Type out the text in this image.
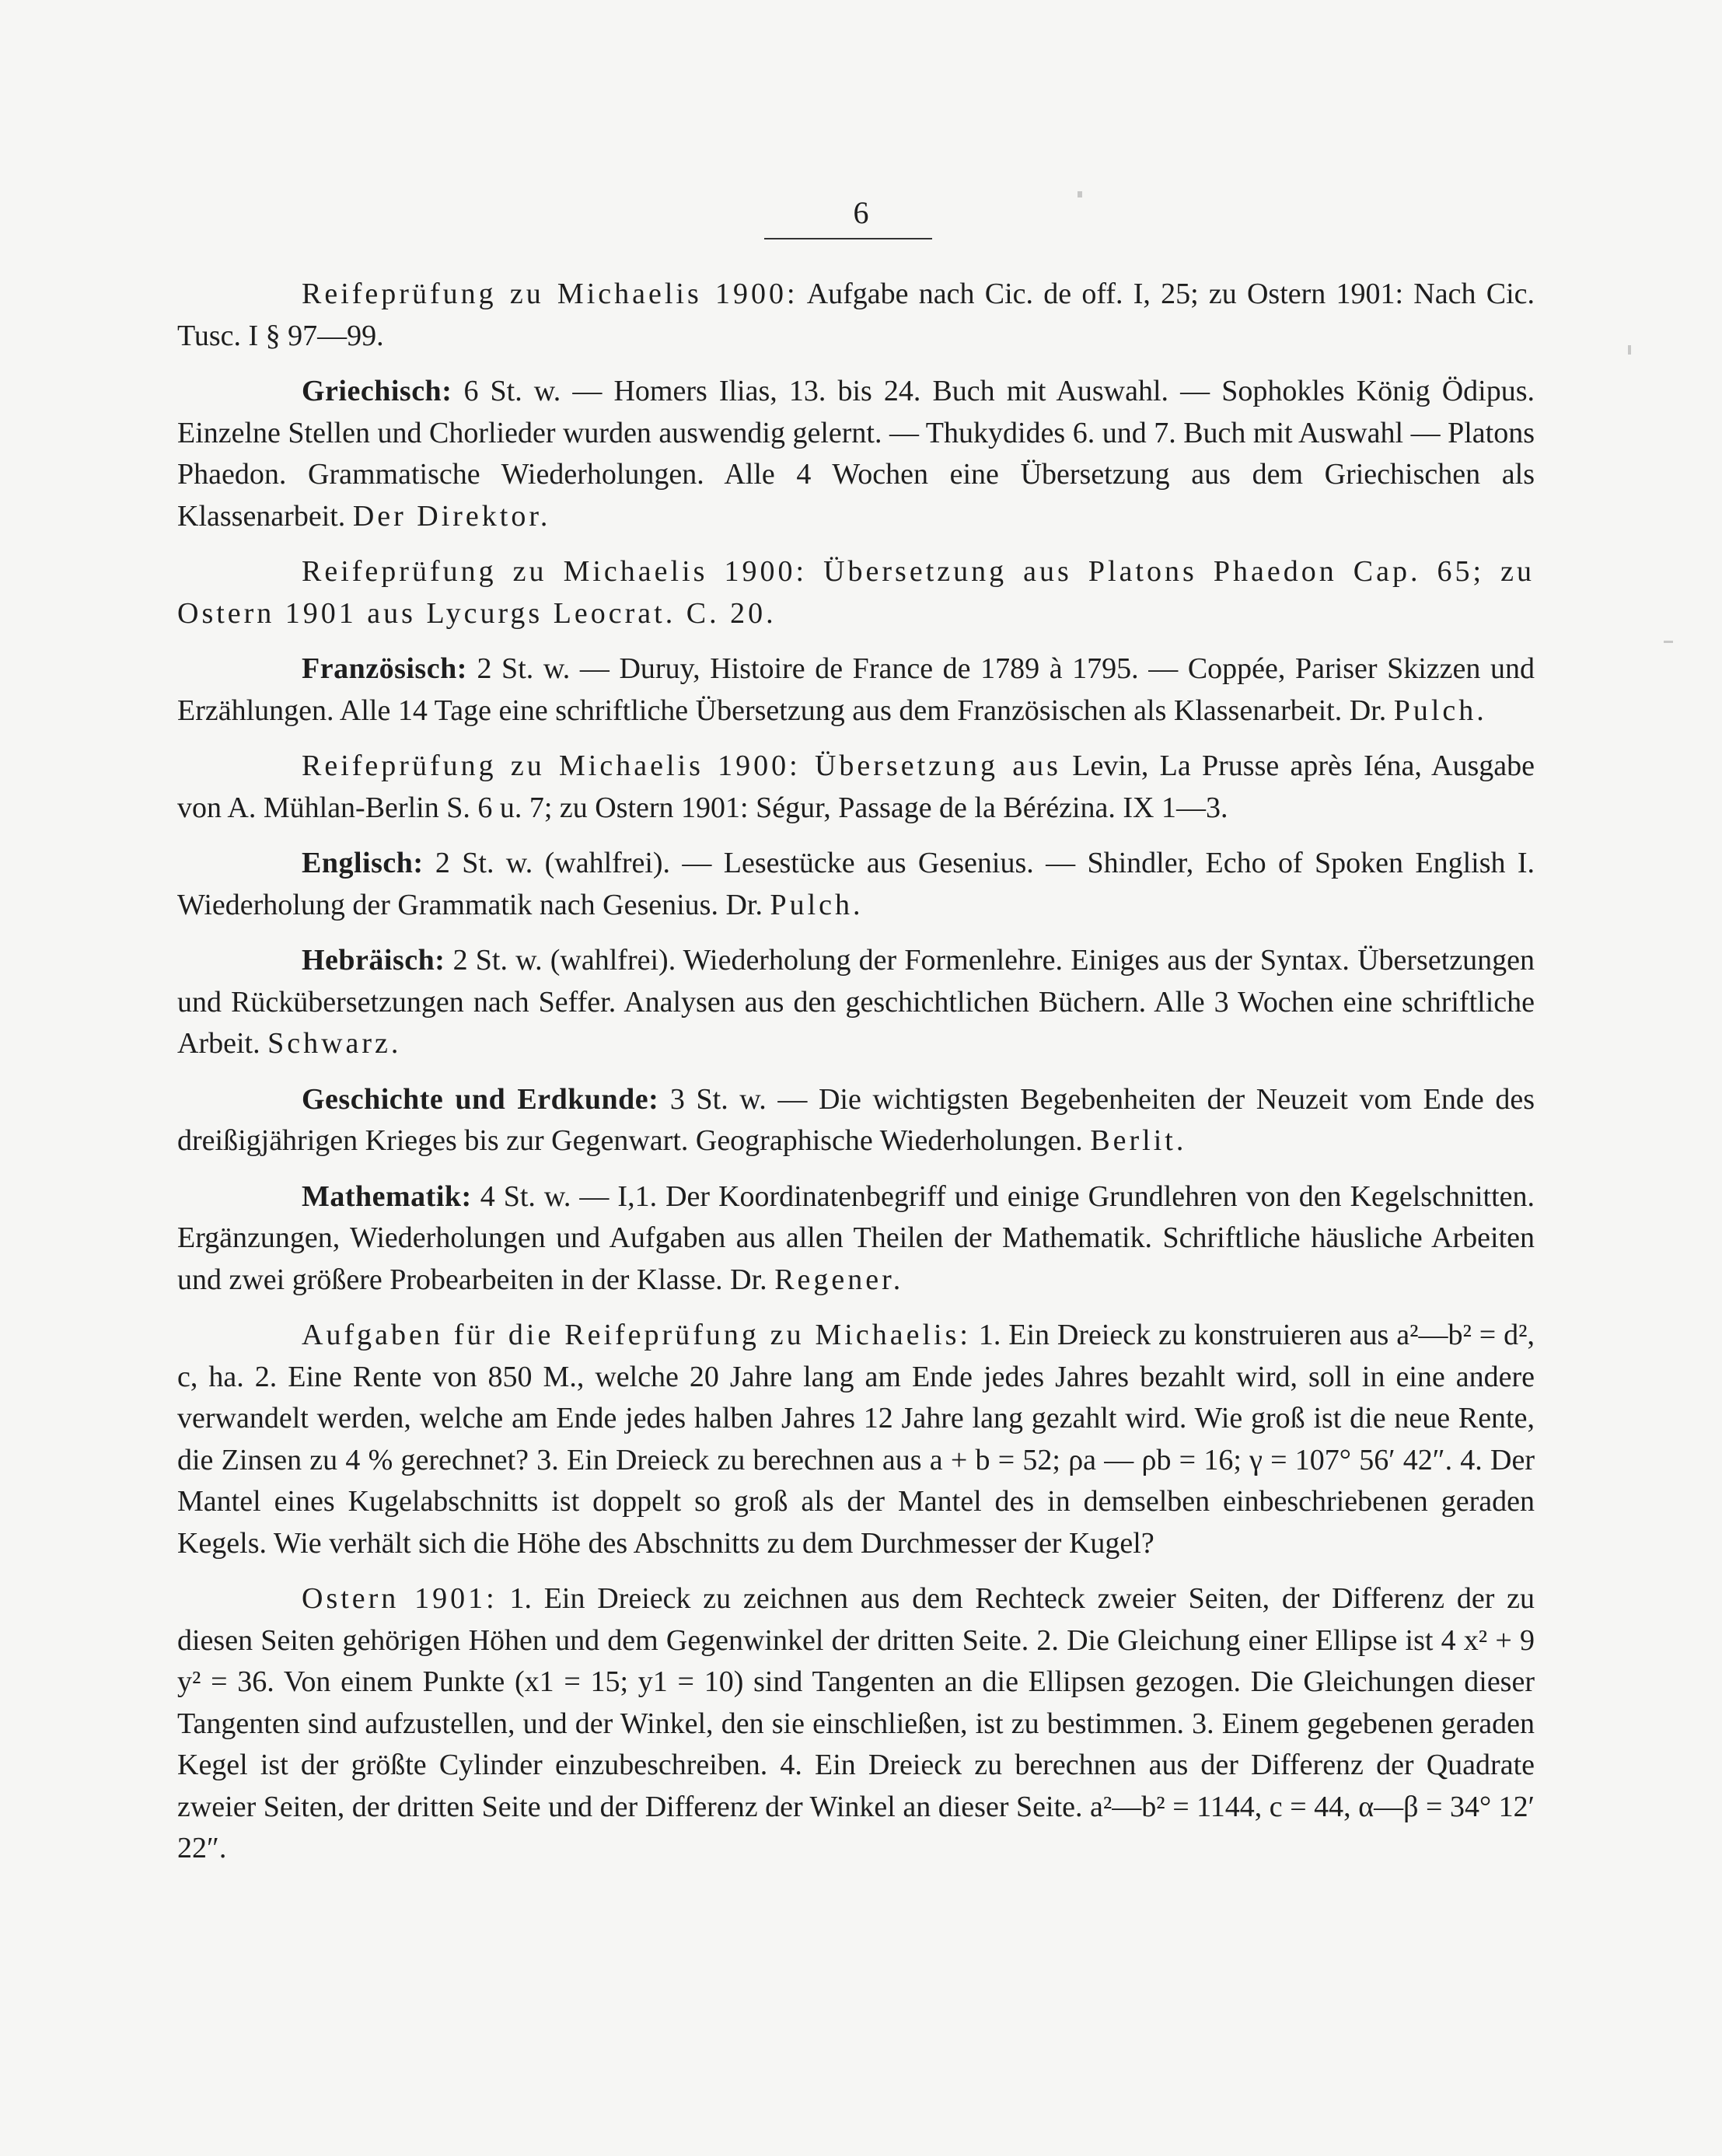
6

Reifeprüfung zu Michaelis 1900: Aufgabe nach Cic. de off. I, 25; zu Ostern 1901: Nach Cic. Tusc. I § 97—99.

Griechisch: 6 St. w. — Homers Ilias, 13. bis 24. Buch mit Auswahl. — Sophokles König Ödipus. Einzelne Stellen und Chorlieder wurden auswendig gelernt. — Thukydides 6. und 7. Buch mit Auswahl — Platons Phaedon. Grammatische Wiederholungen. Alle 4 Wochen eine Übersetzung aus dem Griechischen als Klassenarbeit. Der Direktor.

Reifeprüfung zu Michaelis 1900: Übersetzung aus Platons Phaedon Cap. 65; zu Ostern 1901 aus Lycurgs Leocrat. C. 20.

Französisch: 2 St. w. — Duruy, Histoire de France de 1789 à 1795. — Coppée, Pariser Skizzen und Erzählungen. Alle 14 Tage eine schriftliche Übersetzung aus dem Französischen als Klassenarbeit. Dr. Pulch.

Reifeprüfung zu Michaelis 1900: Übersetzung aus Levin, La Prusse après Iéna, Ausgabe von A. Mühlan-Berlin S. 6 u. 7; zu Ostern 1901: Ségur, Passage de la Bérézina. IX 1—3.

Englisch: 2 St. w. (wahlfrei). — Lesestücke aus Gesenius. — Shindler, Echo of Spoken English I. Wiederholung der Grammatik nach Gesenius. Dr. Pulch.

Hebräisch: 2 St. w. (wahlfrei). Wiederholung der Formenlehre. Einiges aus der Syntax. Übersetzungen und Rückübersetzungen nach Seffer. Analysen aus den geschichtlichen Büchern. Alle 3 Wochen eine schriftliche Arbeit. Schwarz.

Geschichte und Erdkunde: 3 St. w. — Die wichtigsten Begebenheiten der Neuzeit vom Ende des dreißigjährigen Krieges bis zur Gegenwart. Geographische Wiederholungen. Berlit.

Mathematik: 4 St. w. — I,1. Der Koordinatenbegriff und einige Grundlehren von den Kegelschnitten. Ergänzungen, Wiederholungen und Aufgaben aus allen Theilen der Mathematik. Schriftliche häusliche Arbeiten und zwei größere Probearbeiten in der Klasse. Dr. Regener.

Aufgaben für die Reifeprüfung zu Michaelis: 1. Ein Dreieck zu konstruieren aus a²—b² = d², c, ha. 2. Eine Rente von 850 M., welche 20 Jahre lang am Ende jedes Jahres bezahlt wird, soll in eine andere verwandelt werden, welche am Ende jedes halben Jahres 12 Jahre lang gezahlt wird. Wie groß ist die neue Rente, die Zinsen zu 4 % gerechnet? 3. Ein Dreieck zu berechnen aus a + b = 52; ρa — ρb = 16; γ = 107° 56′ 42″. 4. Der Mantel eines Kugelabschnitts ist doppelt so groß als der Mantel des in demselben einbeschriebenen geraden Kegels. Wie verhält sich die Höhe des Abschnitts zu dem Durchmesser der Kugel?

Ostern 1901: 1. Ein Dreieck zu zeichnen aus dem Rechteck zweier Seiten, der Differenz der zu diesen Seiten gehörigen Höhen und dem Gegenwinkel der dritten Seite. 2. Die Gleichung einer Ellipse ist 4 x² + 9 y² = 36. Von einem Punkte (x1 = 15; y1 = 10) sind Tangenten an die Ellipsen gezogen. Die Gleichungen dieser Tangenten sind aufzustellen, und der Winkel, den sie einschließen, ist zu bestimmen. 3. Einem gegebenen geraden Kegel ist der größte Cylinder einzubeschreiben. 4. Ein Dreieck zu berechnen aus der Differenz der Quadrate zweier Seiten, der dritten Seite und der Differenz der Winkel an dieser Seite. a²—b² = 1144, c = 44, α—β = 34° 12′ 22″.
